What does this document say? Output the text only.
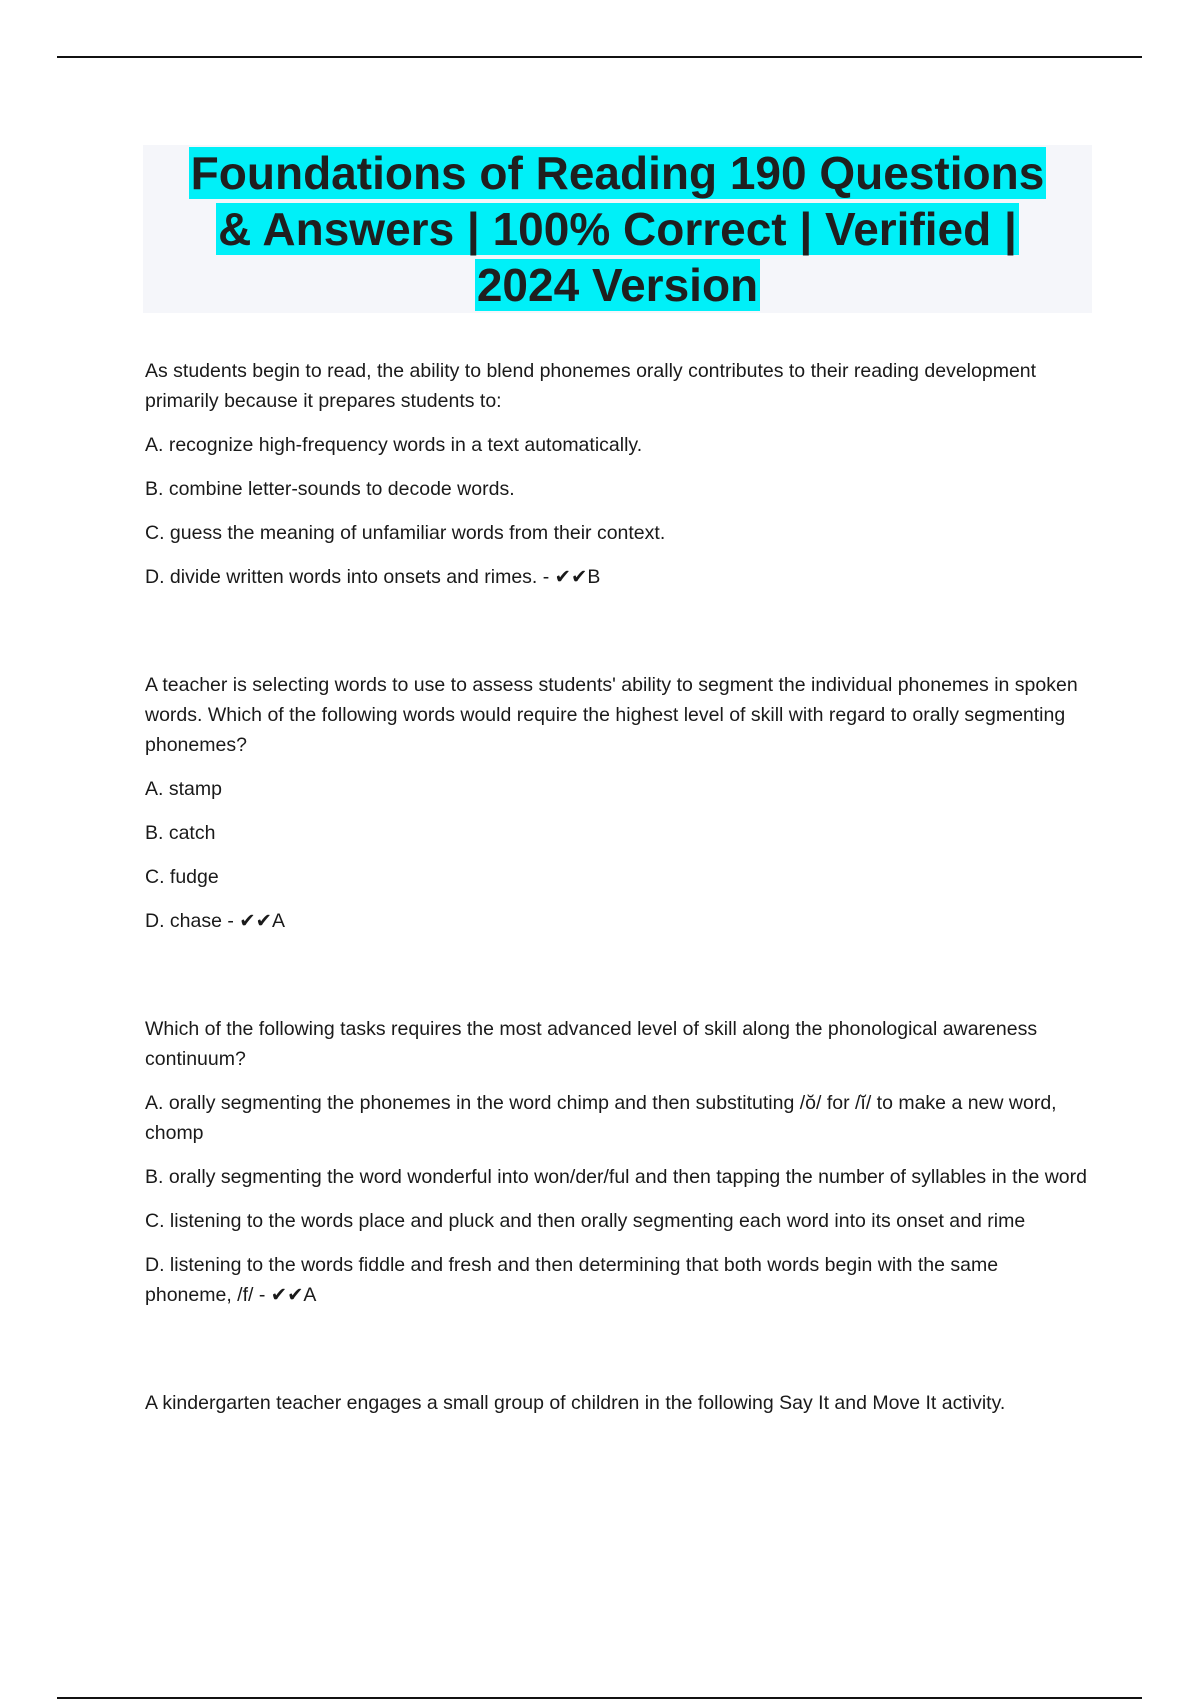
Foundations of Reading 190 Questions
& Answers | 100% Correct | Verified |
2024 Version

As students begin to read, the ability to blend phonemes orally contributes to their reading development primarily because it prepares students to:

A. recognize high-frequency words in a text automatically.

B. combine letter-sounds to decode words.

C. guess the meaning of unfamiliar words from their context.

D. divide written words into onsets and rimes. - ✔✔B

A teacher is selecting words to use to assess students' ability to segment the individual phonemes in spoken words. Which of the following words would require the highest level of skill with regard to orally segmenting phonemes?

A. stamp

B. catch

C. fudge

D. chase - ✔✔A

Which of the following tasks requires the most advanced level of skill along the phonological awareness continuum?

A. orally segmenting the phonemes in the word chimp and then substituting /ŏ/ for /ĭ/ to make a new word, chomp

B. orally segmenting the word wonderful into won/der/ful and then tapping the number of syllables in the word

C. listening to the words place and pluck and then orally segmenting each word into its onset and rime

D. listening to the words fiddle and fresh and then determining that both words begin with the same phoneme, /f/ - ✔✔A

A kindergarten teacher engages a small group of children in the following Say It and Move It activity.
